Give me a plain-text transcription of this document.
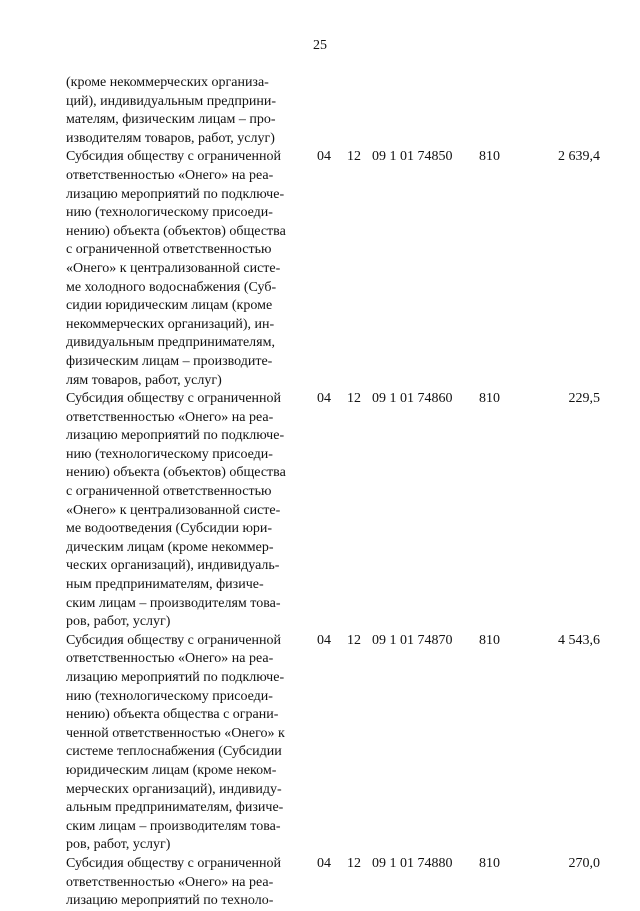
25
(кроме некоммерческих организа-
ций), индивидуальным предприни-
мателям, физическим лицам – про-
изводителям товаров, работ, услуг)
Субсидия обществу с ограниченной
ответственностью «Онего» на реа-
лизацию мероприятий по подключе-
нию (технологическому присоеди-
нению) объекта (объектов) общества
с ограниченной ответственностью
«Онего» к централизованной систе-
ме холодного водоснабжения (Суб-
сидии юридическим лицам (кроме
некоммерческих организаций), ин-
дивидуальным предпринимателям,
физическим лицам – производите-
лям товаров, работ, услуг)
04 12 09 1 01 74850 810	2 639,4
Субсидия обществу с ограниченной
ответственностью «Онего» на реа-
лизацию мероприятий по подключе-
нию (технологическому присоеди-
нению) объекта (объектов) общества
с ограниченной ответственностью
«Онего» к централизованной систе-
ме водоотведения (Субсидии юри-
дическим лицам (кроме некоммер-
ческих организаций), индивидуаль-
ным предпринимателям, физиче-
ским лицам – производителям това-
ров, работ, услуг)
04 12 09 1 01 74860 810	229,5
Субсидия обществу с ограниченной
ответственностью «Онего» на реа-
лизацию мероприятий по подключе-
нию (технологическому присоеди-
нению) объекта общества с ограни-
ченной ответственностью «Онего» к
системе теплоснабжения (Субсидии
юридическим лицам (кроме неком-
мерческих организаций), индивиду-
альным предпринимателям, физиче-
ским лицам – производителям това-
ров, работ, услуг)
04 12 09 1 01 74870 810	4 543,6
Субсидия обществу с ограниченной
ответственностью «Онего» на реа-
лизацию мероприятий по техноло-
04 12 09 1 01 74880 810	270,0
